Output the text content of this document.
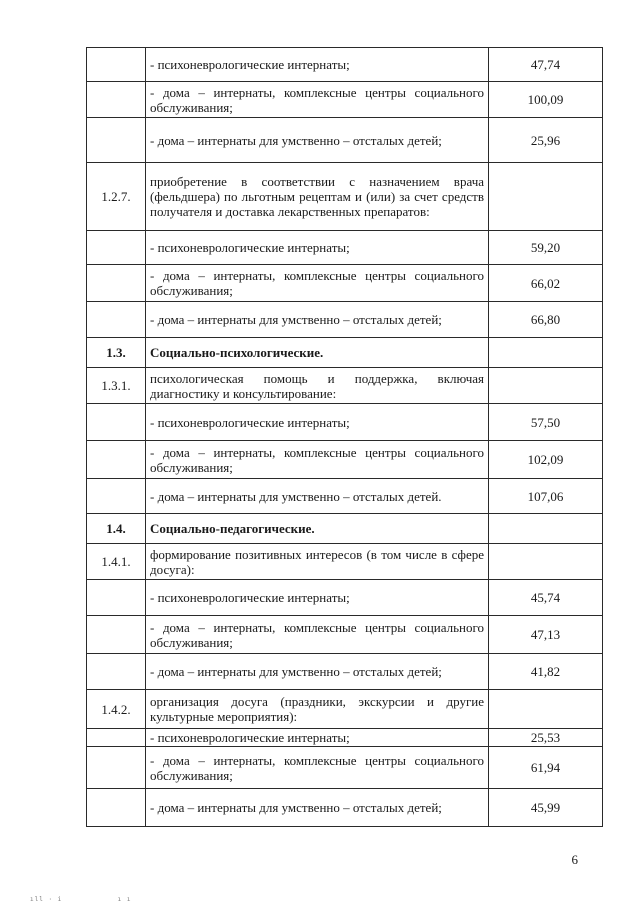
	- психоневрологические интернаты;	47,74
	- дома – интернаты, комплексные центры социального обслуживания;	100,09
	- дома – интернаты для умственно – отсталых детей;	25,96
1.2.7.	приобретение в соответствии с назначением врача (фельдшера) по льготным рецептам и (или) за счет средств получателя и доставка лекарственных препаратов:	
	- психоневрологические интернаты;	59,20
	- дома – интернаты, комплексные центры социального обслуживания;	66,02
	- дома – интернаты для умственно – отсталых детей;	66,80
1.3.	Социально-психологические.	
1.3.1.	психологическая помощь и поддержка, включая диагностику и консультирование:	
	- психоневрологические интернаты;	57,50
	- дома – интернаты, комплексные центры социального обслуживания;	102,09
	- дома – интернаты для умственно – отсталых детей.	107,06
1.4.	Социально-педагогические.	
1.4.1.	формирование позитивных интересов (в том числе в сфере досуга):	
	- психоневрологические интернаты;	45,74
	- дома – интернаты, комплексные центры социального обслуживания;	47,13
	- дома – интернаты для умственно – отсталых детей;	41,82
1.4.2.	организация досуга (праздники, экскурсии и другие культурные мероприятия):	
	- психоневрологические интернаты;	25,53
	- дома – интернаты, комплексные центры социального обслуживания;	61,94
	- дома – интернаты для умственно – отсталых детей;	45,99
6
ıll · i            ı ı
